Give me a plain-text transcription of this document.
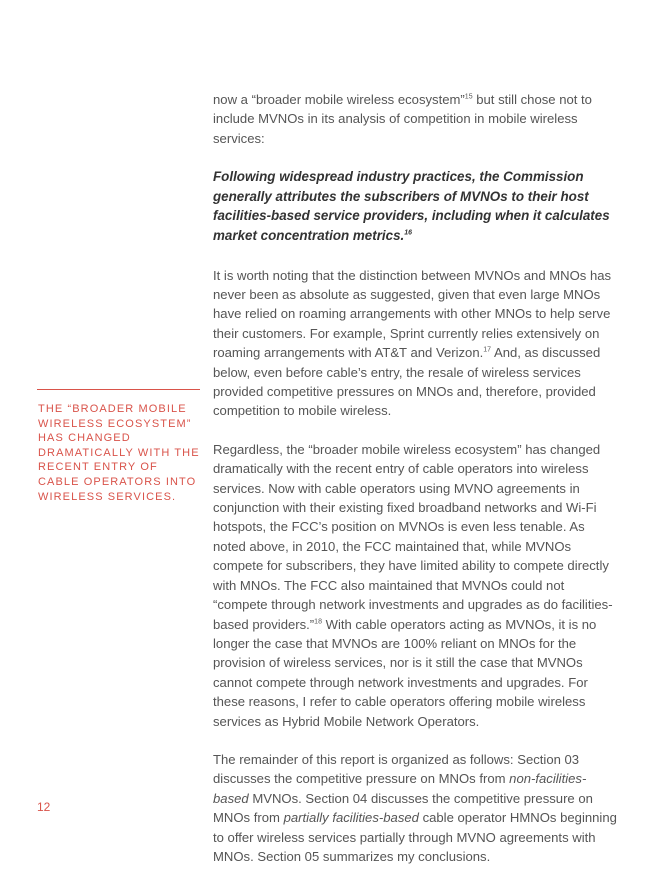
now a “broader mobile wireless ecosystem”$^{15}$ but still chose not to include MVNOs in its analysis of competition in mobile wireless services:

Following widespread industry practices, the Commission generally attributes the subscribers of MVNOs to their host facilities-based service providers, including when it calculates market concentration metrics.$^{16}$

It is worth noting that the distinction between MVNOs and MNOs has never been as absolute as suggested, given that even large MNOs have relied on roaming arrangements with other MNOs to help serve their customers. For example, Sprint currently relies extensively on roaming arrangements with AT&T and Verizon.$^{17}$ And, as discussed below, even before cable’s entry, the resale of wireless services provided competitive pressures on MNOs and, therefore, provided competition to mobile wireless.

Regardless, the “broader mobile wireless ecosystem” has changed dramatically with the recent entry of cable operators into wireless services. Now with cable operators using MVNO agreements in conjunction with their existing fixed broadband networks and Wi-Fi hotspots, the FCC’s position on MVNOs is even less tenable. As noted above, in 2010, the FCC maintained that, while MVNOs compete for subscribers, they have limited ability to compete directly with MNOs. The FCC also maintained that MVNOs could not “compete through network investments and upgrades as do facilities-based providers.”$^{18}$ With cable operators acting as MVNOs, it is no longer the case that MVNOs are 100% reliant on MNOs for the provision of wireless services, nor is it still the case that MVNOs cannot compete through network investments and upgrades. For these reasons, I refer to cable operators offering mobile wireless services as Hybrid Mobile Network Operators.

The remainder of this report is organized as follows: Section 03 discusses the competitive pressure on MNOs from non-facilities-based MVNOs. Section 04 discusses the competitive pressure on MNOs from partially facilities-based cable operator HMNOs beginning to offer wireless services partially through MVNO agreements with MNOs. Section 05 summarizes my conclusions.

THE “BROADER MOBILE WIRELESS ECOSYSTEM” HAS CHANGED DRAMATICALLY WITH THE RECENT ENTRY OF CABLE OPERATORS INTO WIRELESS SERVICES.
12
